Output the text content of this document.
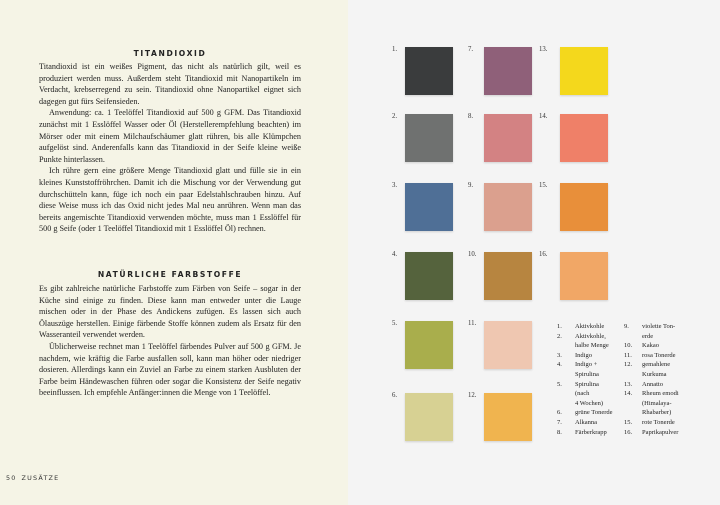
TITANDIOXID

Titandioxid ist ein weißes Pigment, das nicht als natürlich gilt, weil es produziert werden muss. Außerdem steht Titandioxid mit Nanopartikeln im Verdacht, krebserregend zu sein. Titandioxid ohne Nanopartikel eignet sich dagegen gut fürs Seifensieden.

Anwendung: ca. 1 Teelöffel Titandioxid auf 500 g GFM. Das Titandioxid zunächst mit 1 Esslöffel Wasser oder Öl (Herstellerempfehlung beachten) im Mörser oder mit einem Milchaufschäumer glatt rühren, bis alle Klümpchen aufgelöst sind. Anderenfalls kann das Titandioxid in der Seife kleine weiße Punkte hinterlassen.

Ich rühre gern eine größere Menge Titandioxid glatt und fülle sie in ein kleines Kunststoffröhrchen. Damit ich die Mischung vor der Verwendung gut durchschütteln kann, füge ich noch ein paar Edelstahlschrauben hinzu. Auf diese Weise muss ich das Oxid nicht jedes Mal neu anrühren. Wenn man das bereits angemischte Titandioxid verwenden möchte, muss man 1 Esslöffel für 500 g Seife (oder 1 Teelöffel Titandioxid mit 1 Esslöffel Öl) rechnen.

NATÜRLICHE FARBSTOFFE

Es gibt zahlreiche natürliche Farbstoffe zum Färben von Seife – sogar in der Küche sind einige zu finden. Diese kann man entweder unter die Lauge mischen oder in der Phase des Andickens zufügen. Es lassen sich auch Ölauszüge herstellen. Einige färbende Stoffe können zudem als Ersatz für den Wasseranteil verwendet werden.

Üblicherweise rechnet man 1 Teelöffel färbendes Pulver auf 500 g GFM. Je nachdem, wie kräftig die Farbe ausfallen soll, kann man höher oder niedriger dosieren. Allerdings kann ein Zuviel an Farbe zu einem starken Ausbluten der Farbe beim Händewaschen führen oder sogar die Konsistenz der Seife negativ beeinflussen. Ich empfehle Anfänger:innen die Menge von 1 Teelöffel.

50 ZUSÄTZE
1.
2.
3.
4.
5.
6.
7.
8.
9.
10.
11.
12.
13.
14.
15.
16.
1.	Aktivkohle
2.	Aktivkohle,
halbe Menge
3.	Indigo
4.	Indigo +
Spirulina
5.	Spirulina
(nach
4 Wochen)
6.	grüne Tonerde
7.	Alkanna
8.	Färberkrapp
9.	violette Ton-
erde
10.	Kakao
11.	rosa Tonerde
12.	gemahlene
Kurkuma
13.	Annatto
14.	Rheum emodi
(Himalaya-
Rhabarber)
15.	rote Tonerde
16.	Paprikapulver
